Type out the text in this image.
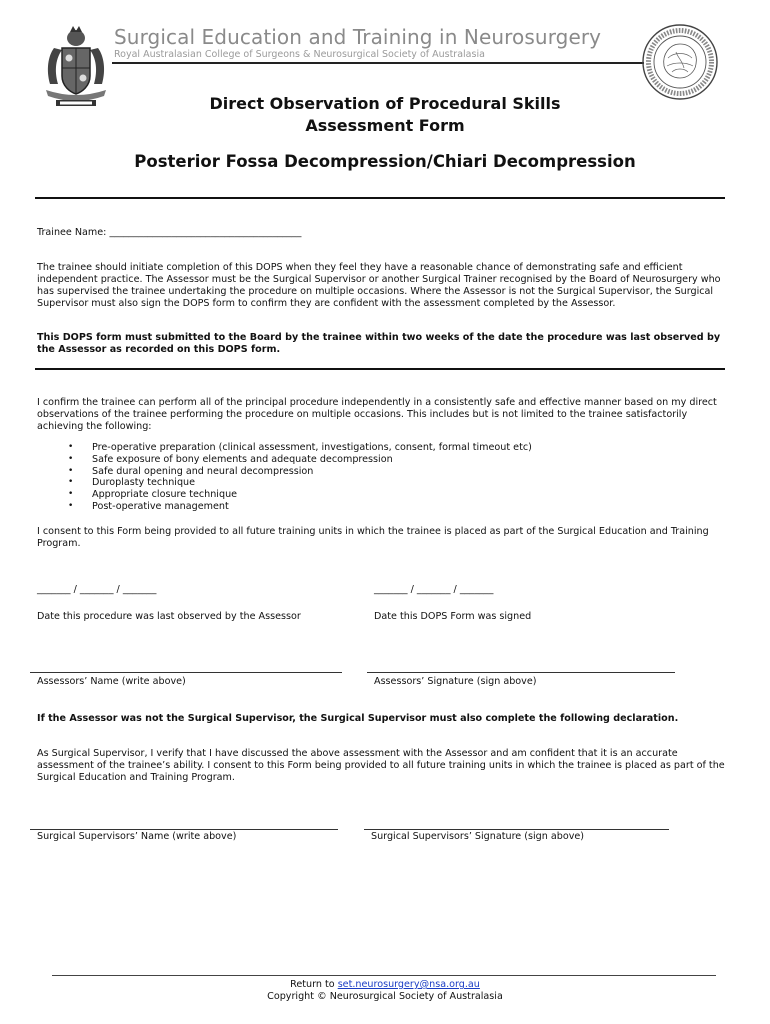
Surgical Education and Training in Neurosurgery
Royal Australasian College of Surgeons & Neurosurgical Society of Australasia
Direct Observation of Procedural Skills
Assessment Form
Posterior Fossa Decompression/Chiari Decompression
Trainee Name: ________________________________________
The trainee should initiate completion of this DOPS when they feel they have a reasonable chance of demonstrating safe and efficient independent practice. The Assessor must be the Surgical Supervisor or another Surgical Trainer recognised by the Board of Neurosurgery who has supervised the trainee undertaking the procedure on multiple occasions. Where the Assessor is not the Surgical Supervisor, the Surgical Supervisor must also sign the DOPS form to confirm they are confident with the assessment completed by the Assessor.
This DOPS form must submitted to the Board by the trainee within two weeks of the date the procedure was last observed by the Assessor as recorded on this DOPS form.
I confirm the trainee can perform all of the principal procedure independently in a consistently safe and effective manner based on my direct observations of the trainee performing the procedure on multiple occasions. This includes but is not limited to the trainee satisfactorily achieving the following:
• Pre-operative preparation (clinical assessment, investigations, consent, formal timeout etc)
• Safe exposure of bony elements and adequate decompression
• Safe dural opening and neural decompression
• Duroplasty technique
• Appropriate closure technique
• Post-operative management
I consent to this Form being provided to all future training units in which the trainee is placed as part of the Surgical Education and Training Program.
_______ / _______ / _______	_______ / _______ / _______
Date this procedure was last observed by the Assessor	Date this DOPS Form was signed
Assessors’ Name (write above)	Assessors’ Signature (sign above)
If the Assessor was not the Surgical Supervisor, the Surgical Supervisor must also complete the following declaration.
As Surgical Supervisor, I verify that I have discussed the above assessment with the Assessor and am confident that it is an accurate assessment of the trainee’s ability. I consent to this Form being provided to all future training units in which the trainee is placed as part of the Surgical Education and Training Program.
Surgical Supervisors’ Name (write above)	Surgical Supervisors’ Signature (sign above)
Return to set.neurosurgery@nsa.org.au
Copyright © Neurosurgical Society of Australasia
